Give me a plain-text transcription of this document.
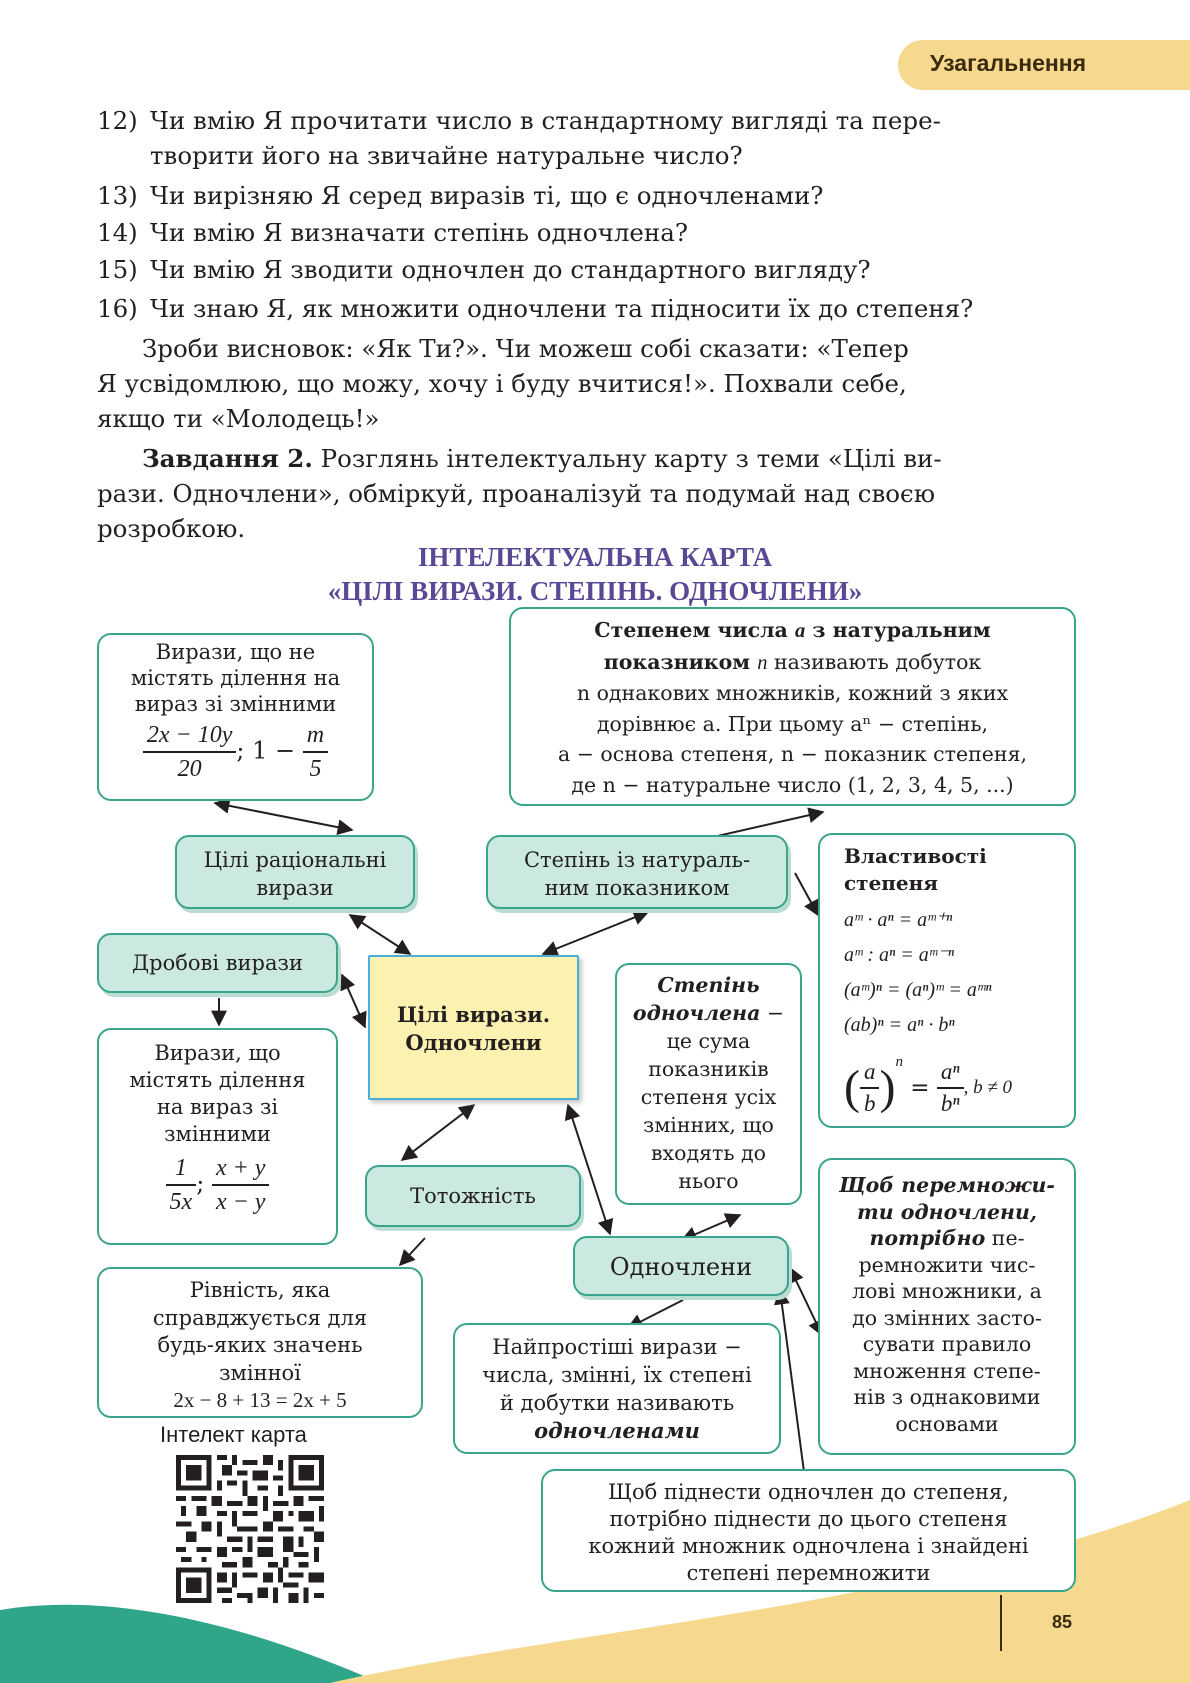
Узагальнення
12) Чи вмію Я прочитати число в стандартному вигляді та пере-
творити його на звичайне натуральне число?
13) Чи вирізняю Я серед виразів ті, що є одночленами?
14) Чи вмію Я визначати степінь одночлена?
15) Чи вмію Я зводити одночлен до стандартного вигляду?
16) Чи знаю Я, як множити одночлени та підносити їх до степеня?
Зроби висновок: «Як Ти?». Чи можеш собі сказати: «Тепер
Я усвідомлюю, що можу, хочу і буду вчитися!». Похвали себе,
якщо ти «Молодець!»
Завдання 2. Розглянь інтелектуальну карту з теми «Цілі ви-
рази. Одночлени», обміркуй, проаналізуй та подумай над своєю
розробкою.
ІНТЕЛЕКТУАЛЬНА КАРТА
«ЦІЛІ ВИРАЗИ. СТЕПІНЬ. ОДНОЧЛЕНИ»
Вирази, що не
містять ділення на
вираз зі змінними
$\frac{2x - 10y}{20}$ ; $1 - \frac{m}{5}$
Степенем числа a з натуральним
показником n називають добуток
n однакових множників, кожний з яких
дорівнює a. При цьому aⁿ − степінь,
a − основа степеня, n − показник степеня,
де n − натуральне число (1, 2, 3, 4, 5, ...)
Цілі раціональні
вирази
Степінь із натураль-
ним показником
Властивості
степеня
aᵐ · aⁿ = aᵐ⁺ⁿ
aᵐ : aⁿ = aᵐ⁻ⁿ
(aᵐ)ⁿ = (aⁿ)ᵐ = aᵐⁿ
(ab)ⁿ = aⁿ · bⁿ
( $\frac{a}{b} )^n = \frac{\text{aⁿ}}{\text{bⁿ}}$ , b ≠ 0
Дробові вирази
Цілі вирази.
Одночлени
Степінь
одночлена −
це сума
показників
степеня усіх
змінних, що
входять до
нього
Вирази, що
містять ділення
на вираз зі
змінними
$\frac{1}{5x}$ ; $\frac{x + y}{x - y}$	Щоб перемножи-
ти одночлени,
потрібно пе-
ремножити чис-
лові множники, а
до змінних засто-
сувати правило
множення степе-
нів з однаковими
основами
Тотожність
Одночлени
Рівність, яка
справджується для
будь-яких значень
змінної
2x − 8 + 13 = 2x + 5
Найпростіші вирази −
числа, змінні, їх степені
й добутки називають
одночленами
Щоб піднести одночлен до степеня,
потрібно піднести до цього степеня
кожний множник одночлена і знайдені
степені перемножити
Інтелект карта
85
